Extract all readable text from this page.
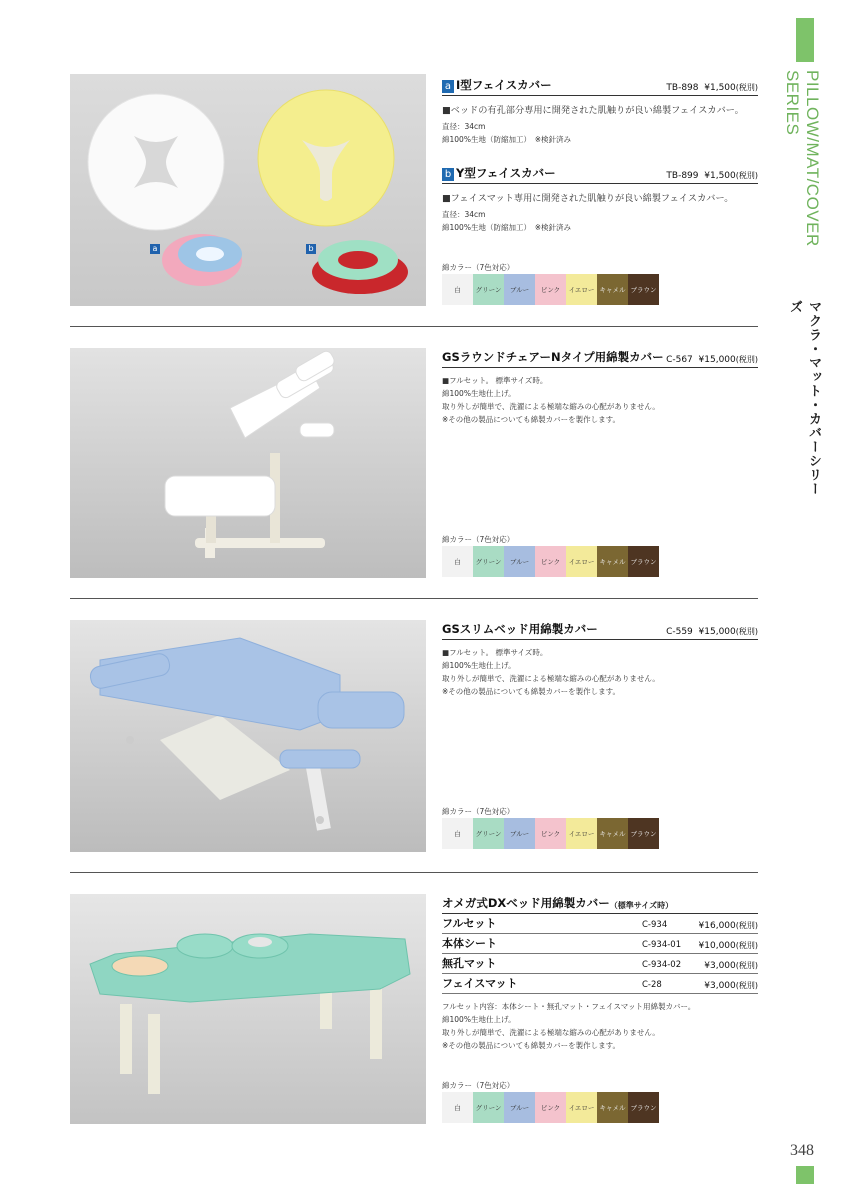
PILLOW/MAT/COVER SERIES
マクラ・マット・カバーシリーズ
348
a	b
a I型フェイスカバー	TB-898 ¥1,500(税別)
■ベッドの有孔部分専用に開発された肌触りが良い綿製フェイスカバー。
直径：34cm
綿100%生地（防縮加工）　※検針済み
b Y型フェイスカバー	TB-899 ¥1,500(税別)
■フェイスマット専用に開発された肌触りが良い綿製フェイスカバー。
直径：34cm
綿100%生地（防縮加工）　※検針済み
綿カラー（7色対応）
白	グリーン	ブルー	ピンク	イエロー キャメル ブラウン
GSラウンドチェアーNタイプ用綿製カバー C-567 ¥15,000(税別)
■フルセット。 標準サイズ時。
綿100%生地仕上げ。
取り外しが簡単で、洗濯による極端な縮みの心配がありません。
※その他の製品についても綿製カバーを製作します。
綿カラー（7色対応）
白	グリーン	ブルー	ピンク	イエロー キャメル ブラウン
GSスリムベッド用綿製カバー	C-559 ¥15,000(税別)
■フルセット。 標準サイズ時。
綿100%生地仕上げ。
取り外しが簡単で、洗濯による極端な縮みの心配がありません。
※その他の製品についても綿製カバーを製作します。
綿カラー（7色対応）
白	グリーン	ブルー	ピンク	イエロー キャメル ブラウン
オメガ式DXベッド用綿製カバー （標準サイズ時）
フルセット	C-934	¥16,000(税別)
本体シート	C-934-01 ¥10,000(税別)
無孔マット	C-934-02	¥3,000(税別)
フェイスマット	C-28	¥3,000(税別)
フルセット内容：本体シート・無孔マット・フェイスマット用綿製カバー。
綿100%生地仕上げ。
取り外しが簡単で、洗濯による極端な縮みの心配がありません。
※その他の製品についても綿製カバーを製作します。
綿カラー（7色対応）
白	グリーン	ブルー	ピンク	イエロー キャメル ブラウン
